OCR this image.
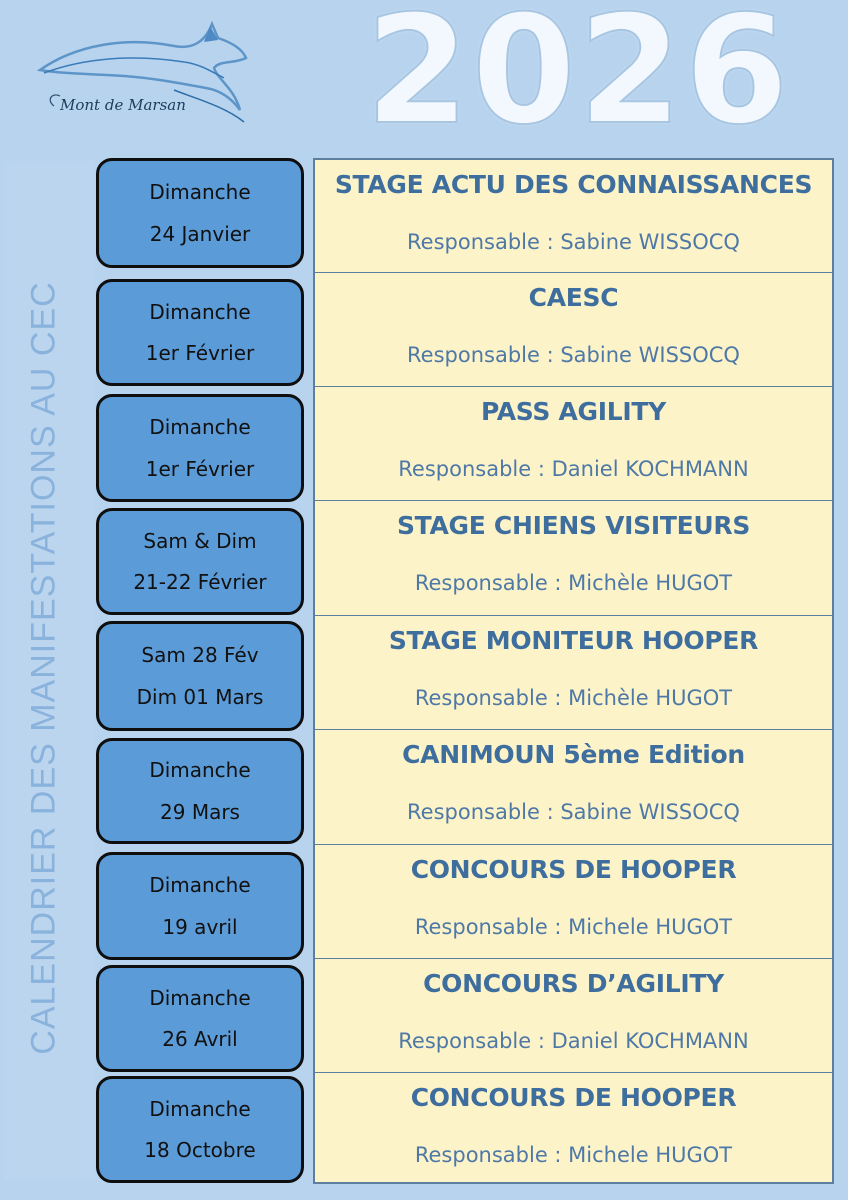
Mont de Marsan	2026
CALENDRIER DES MANIFESTATIONS AU CEC
Dimanche
24 Janvier
Dimanche
1er Février
Dimanche
1er Février
Sam & Dim
21-22 Février
Sam 28 Fév
Dim 01 Mars
Dimanche
29 Mars
Dimanche
19 avril
Dimanche
26 Avril
Dimanche
18 Octobre
STAGE ACTU DES CONNAISSANCES
Responsable : Sabine WISSOCQ
CAESC
Responsable : Sabine WISSOCQ
PASS AGILITY
Responsable : Daniel KOCHMANN
STAGE CHIENS VISITEURS
Responsable : Michèle HUGOT
STAGE MONITEUR HOOPER
Responsable : Michèle HUGOT
CANIMOUN 5ème Edition
Responsable : Sabine WISSOCQ
CONCOURS DE HOOPER
Responsable : Michele HUGOT
CONCOURS D’AGILITY
Responsable : Daniel KOCHMANN
CONCOURS DE HOOPER
Responsable : Michele HUGOT
